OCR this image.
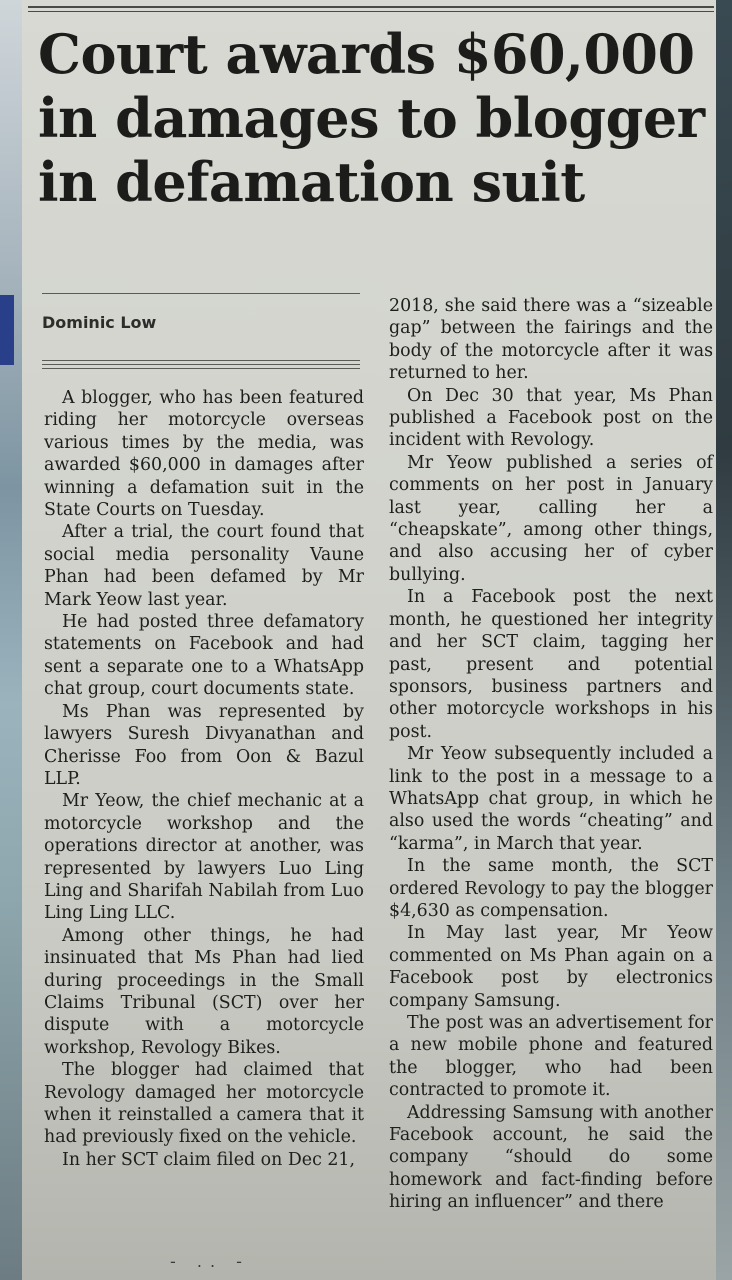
Court awards $60,000
in damages to blogger
in defamation suit
Dominic Low

A blogger, who has been featured riding her motorcycle overseas various times by the media, was awarded $60,000 in damages after winning a defamation suit in the State Courts on Tuesday.

After a trial, the court found that social media personality Vaune Phan had been defamed by Mr Mark Yeow last year.

He had posted three defamatory statements on Facebook and had sent a separate one to a WhatsApp chat group, court documents state.

Ms Phan was represented by lawyers Suresh Divyanathan and Cherisse Foo from Oon & Bazul LLP.

Mr Yeow, the chief mechanic at a motorcycle workshop and the operations director at another, was represented by lawyers Luo Ling Ling and Sharifah Nabilah from Luo Ling Ling LLC.

Among other things, he had insinuated that Ms Phan had lied during proceedings in the Small Claims Tribunal (SCT) over her dispute with a motorcycle workshop, Revology Bikes.

The blogger had claimed that Revology damaged her motorcycle when it reinstalled a camera that it had previously fixed on the vehicle.

In her SCT claim filed on Dec 21,

2018, she said there was a “sizeable gap” between the fairings and the body of the motorcycle after it was returned to her.

On Dec 30 that year, Ms Phan published a Facebook post on the incident with Revology.

Mr Yeow published a series of comments on her post in January last year, calling her a “cheapskate”, among other things, and also accusing her of cyber bullying.

In a Facebook post the next month, he questioned her integrity and her SCT claim, tagging her past, present and potential sponsors, business partners and other motorcycle workshops in his post.

Mr Yeow subsequently included a link to the post in a message to a WhatsApp chat group, in which he also used the words “cheating” and “karma”, in March that year.

In the same month, the SCT ordered Revology to pay the blogger $4,630 as compensation.

In May last year, Mr Yeow commented on Ms Phan again on a Facebook post by electronics company Samsung.

The post was an advertisement for a new mobile phone and featured the blogger, who had been contracted to promote it.

Addressing Samsung with another Facebook account, he said the company “should do some homework and fact-finding before hiring an influencer” and there

- .. -
